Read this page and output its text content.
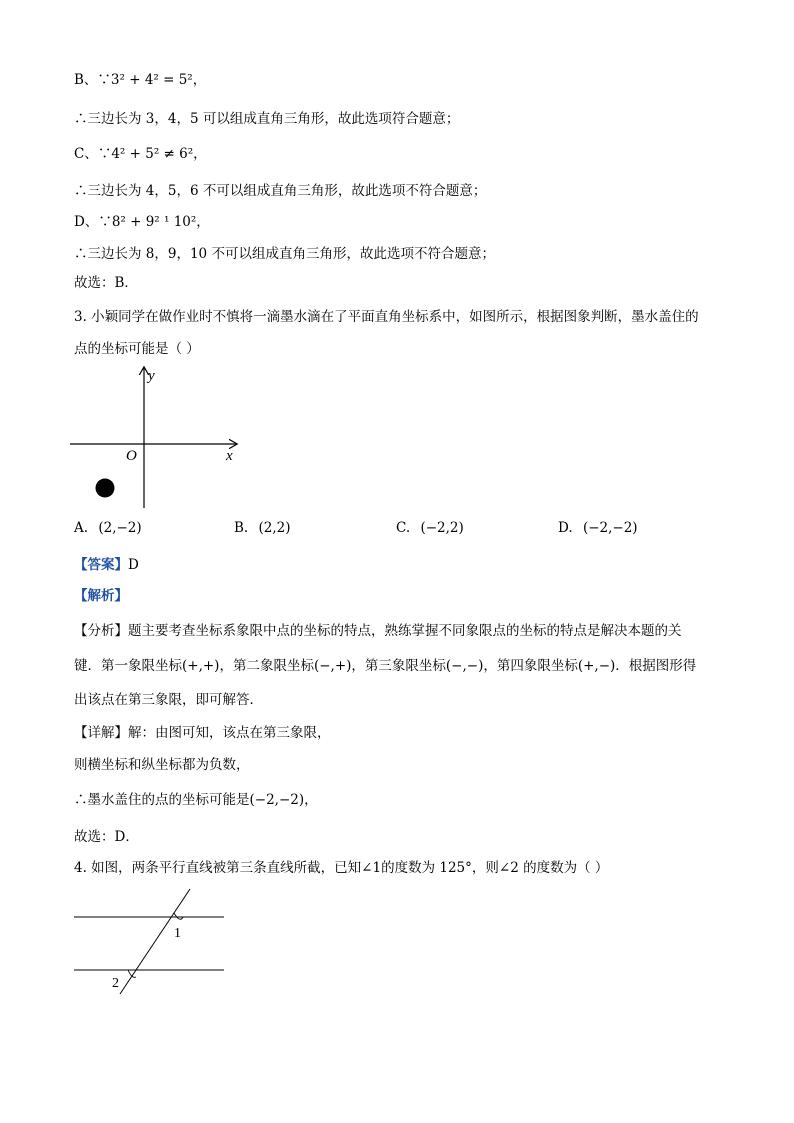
B、∵3² + 4² = 5²，
∴三边长为 3，4，5 可以组成直角三角形，故此选项符合题意；
C、∵4² + 5² ≠ 6²，
∴三边长为 4，5，6 不可以组成直角三角形，故此选项不符合题意；
D、∵8² + 9² ¹ 10²，
∴三边长为 8，9，10 不可以组成直角三角形，故此选项不符合题意；
故选：B．
3. 小颖同学在做作业时不慎将一滴墨水滴在了平面直角坐标系中，如图所示，根据图象判断，墨水盖住的
点的坐标可能是（ ）
y
x
O
A. (2,−2)	B. (2,2)	C. (−2,2)	D. (−2,−2)
【答案】D
【解析】
【分析】题主要考查坐标系象限中点的坐标的特点，熟练掌握不同象限点的坐标的特点是解决本题的关
键．第一象限坐标(+,+)，第二象限坐标(−,+)，第三象限坐标(−,−)，第四象限坐标(+,−)．根据图形得
出该点在第三象限，即可解答．
【详解】解：由图可知，该点在第三象限，
则横坐标和纵坐标都为负数，
∴墨水盖住的点的坐标可能是(−2,−2)，
故选：D．
4. 如图，两条平行直线被第三条直线所截，已知∠1的度数为 125°，则∠2 的度数为（ ）
1
2
